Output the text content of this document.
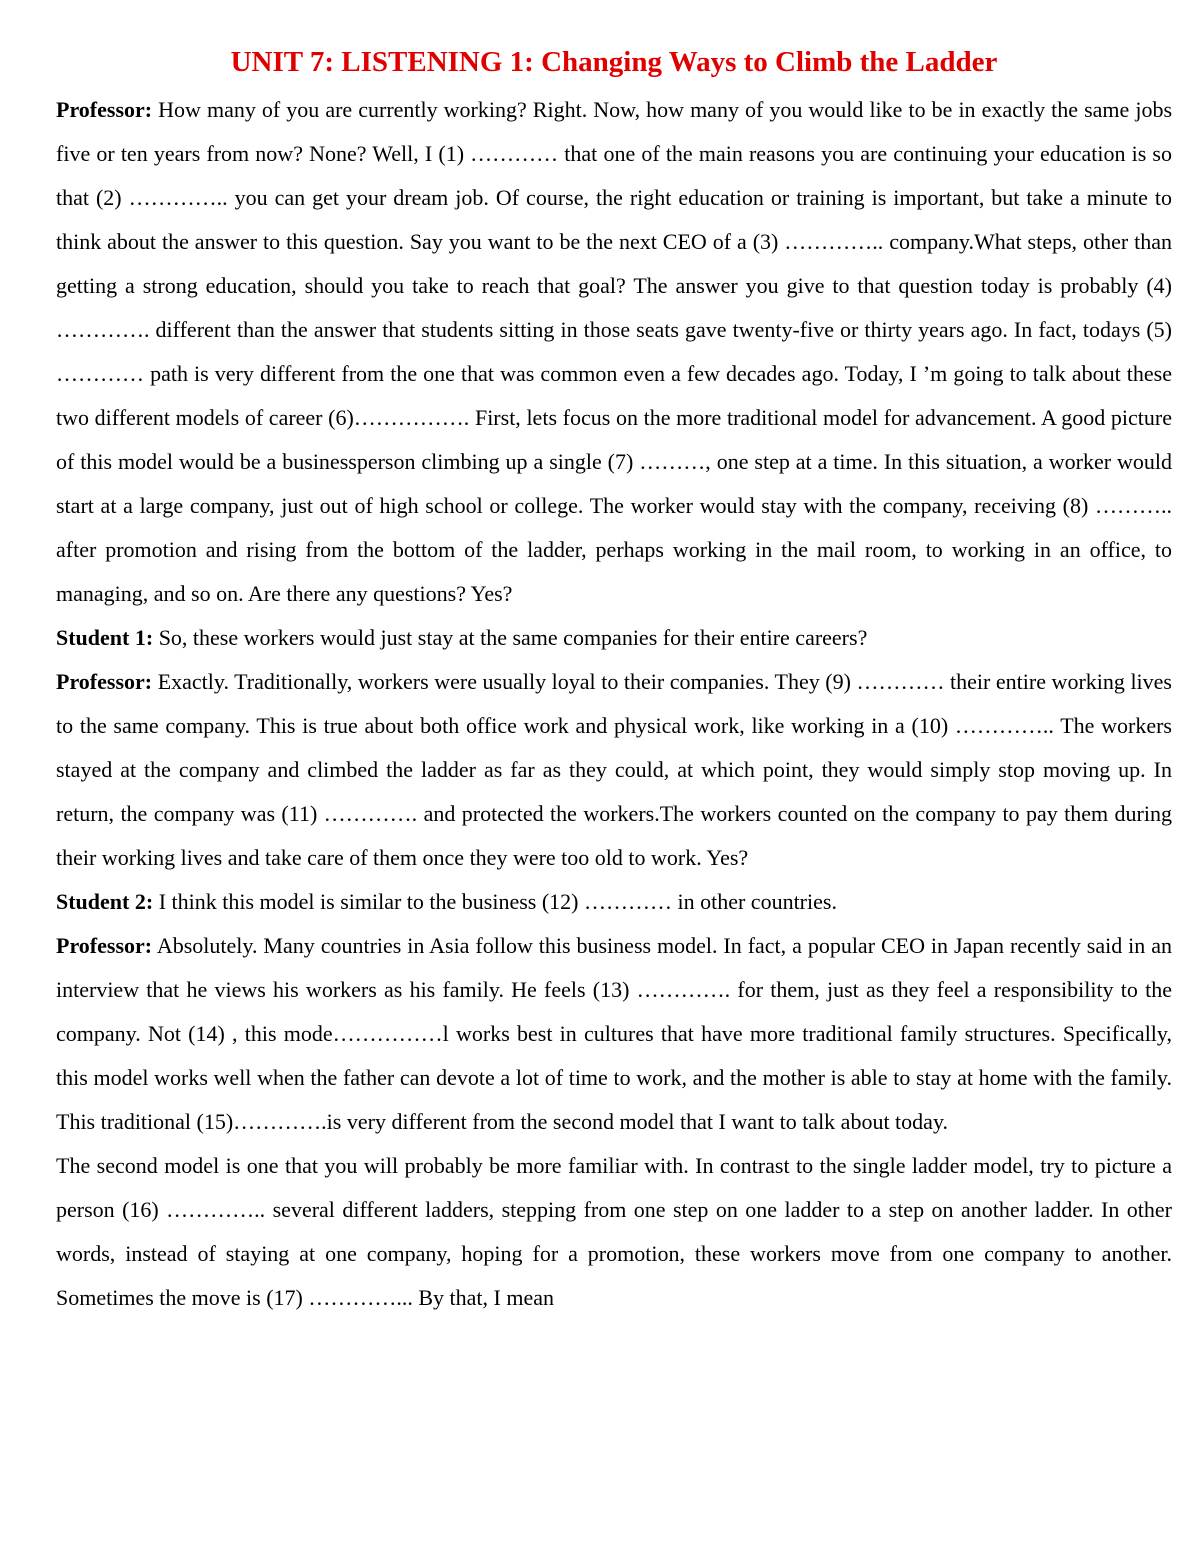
UNIT 7: LISTENING 1: Changing Ways to Climb the Ladder

Professor: How many of you are currently working? Right. Now, how many of you would like to be in exactly the same jobs five or ten years from now? None? Well, I (1) ………… that one of the main reasons you are continuing your education is so that (2) ………….. you can get your dream job. Of course, the right education or training is important, but take a minute to think about the answer to this question. Say you want to be the next CEO of a (3) ………….. company.What steps, other than getting a strong education, should you take to reach that goal? The answer you give to that question today is probably (4) …………. different than the answer that students sitting in those seats gave twenty-five or thirty years ago. In fact, todays (5) ………… path is very different from the one that was common even a few decades ago. Today, I ’m going to talk about these two different models of career (6)……………. First, lets focus on the more traditional model for advancement. A good picture of this model would be a businessperson climbing up a single (7) ………, one step at a time. In this situation, a worker would start at a large company, just out of high school or college. The worker would stay with the company, receiving (8) ……….. after promotion and rising from the bottom of the ladder, perhaps working in the mail room, to working in an office, to managing, and so on. Are there any questions? Yes?

Student 1: So, these workers would just stay at the same companies for their entire careers?

Professor: Exactly. Traditionally, workers were usually loyal to their companies. They (9) ………… their entire working lives to the same company. This is true about both office work and physical work, like working in a (10) ………….. The workers stayed at the company and climbed the ladder as far as they could, at which point, they would simply stop moving up. In return, the company was (11) …………. and protected the workers.The workers counted on the company to pay them during their working lives and take care of them once they were too old to work. Yes?

Student 2: I think this model is similar to the business (12) ………… in other countries.

Professor: Absolutely. Many countries in Asia follow this business model. In fact, a popular CEO in Japan recently said in an interview that he views his workers as his family. He feels (13) …………. for them, just as they feel a responsibility to the company. Not (14) , this mode……………l works best in cultures that have more traditional family structures. Specifically, this model works well when the father can devote a lot of time to work, and the mother is able to stay at home with the family. This traditional (15)………….is very different from the second model that I want to talk about today.

The second model is one that you will probably be more familiar with. In contrast to the single ladder model, try to picture a person (16) ………….. several different ladders, stepping from one step on one ladder to a step on another ladder. In other words, instead of staying at one company, hoping for a promotion, these workers move from one company to another. Sometimes the move is (17) …………... By that, I mean
